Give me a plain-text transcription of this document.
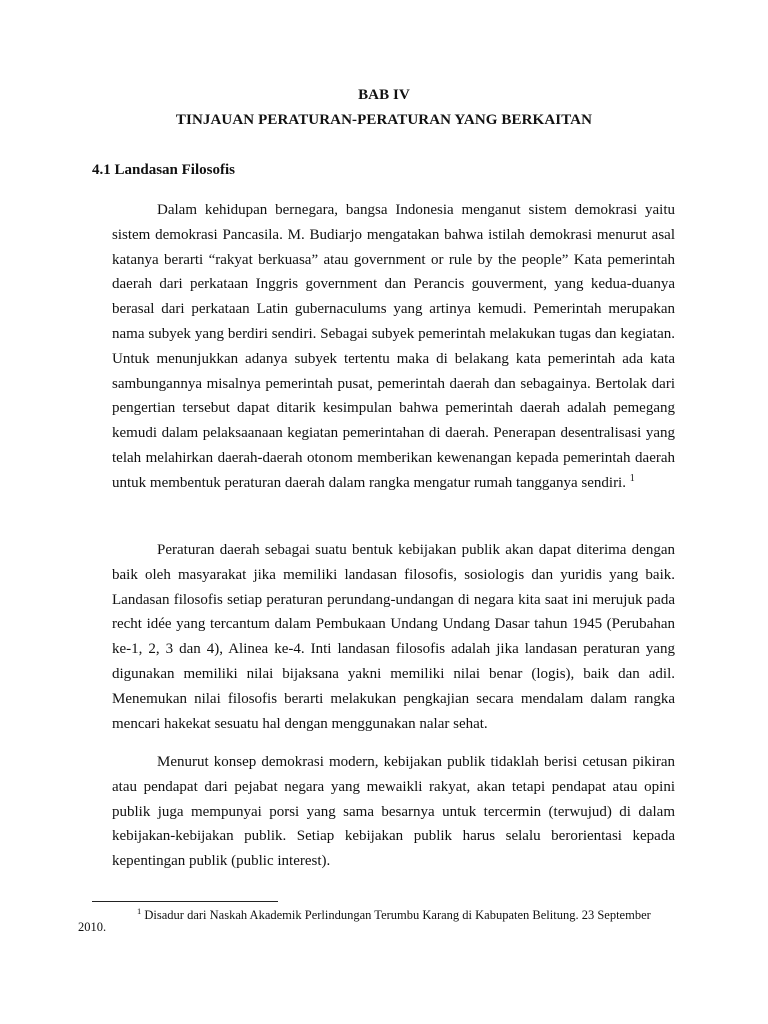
BAB IV
TINJAUAN PERATURAN-PERATURAN YANG BERKAITAN
4.1 Landasan Filosofis

Dalam kehidupan bernegara, bangsa Indonesia menganut sistem demokrasi yaitu sistem demokrasi Pancasila. M. Budiarjo mengatakan bahwa istilah demokrasi menurut asal katanya berarti “rakyat berkuasa” atau government or rule by the people” Kata pemerintah daerah dari perkataan Inggris government dan Perancis gouverment, yang kedua-duanya berasal dari perkataan Latin gubernaculums yang artinya kemudi. Pemerintah merupakan nama subyek yang berdiri sendiri. Sebagai subyek pemerintah melakukan tugas dan kegiatan. Untuk menunjukkan adanya subyek tertentu maka di belakang kata pemerintah ada kata sambungannya misalnya pemerintah pusat, pemerintah daerah dan sebagainya. Bertolak dari pengertian tersebut dapat ditarik kesimpulan bahwa pemerintah daerah adalah pemegang kemudi dalam pelaksaanaan kegiatan pemerintahan di daerah. Penerapan desentralisasi yang telah melahirkan daerah-daerah otonom memberikan kewenangan kepada pemerintah daerah untuk membentuk peraturan daerah dalam rangka mengatur rumah tangganya sendiri. $^1$

Peraturan daerah sebagai suatu bentuk kebijakan publik akan dapat diterima dengan baik oleh masyarakat jika memiliki landasan filosofis, sosiologis dan yuridis yang baik. Landasan filosofis setiap peraturan perundang-undangan di negara kita saat ini merujuk pada recht idée yang tercantum dalam Pembukaan Undang Undang Dasar tahun 1945 (Perubahan ke-1, 2, 3 dan 4), Alinea ke-4. Inti landasan filosofis adalah jika landasan peraturan yang digunakan memiliki nilai bijaksana yakni memiliki nilai benar (logis), baik dan adil. Menemukan nilai filosofis berarti melakukan pengkajian secara mendalam dalam rangka mencari hakekat sesuatu hal dengan menggunakan nalar sehat.

Menurut konsep demokrasi modern, kebijakan publik tidaklah berisi cetusan pikiran atau pendapat dari pejabat negara yang mewaikli rakyat, akan tetapi pendapat atau opini publik juga mempunyai porsi yang sama besarnya untuk tercermin (terwujud) di dalam kebijakan-kebijakan publik. Setiap kebijakan publik harus selalu berorientasi kepada kepentingan publik (public interest).

$^1$ Disadur dari Naskah Akademik Perlindungan Terumbu Karang di Kabupaten Belitung. 23 September

2010.
